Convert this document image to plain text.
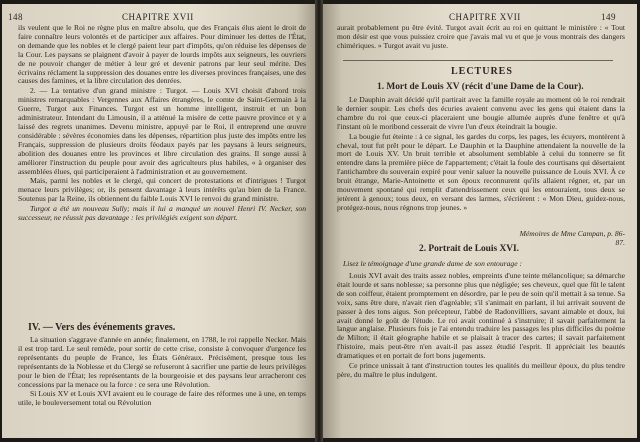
148	CHAPITRE XVII

ils veulent que le Roi ne règne plus en maître absolu, que des Français élus aient le droit de faire connaître leurs volontés et de participer aux affaires. Pour diminuer les dettes de l'État, on demande que les nobles et le clergé paient leur part d'impôts, qu'on réduise les dépenses de la Cour. Les paysans se plaignent d'avoir à payer de lourds impôts aux seigneurs, les ouvriers de ne pouvoir changer de métier à leur gré et devenir patrons par leur seul mérite. Des écrivains réclament la suppression des douanes entre les diverses provinces françaises, une des causes des famines, et la libre circulation des denrées.

2. — La tentative d'un grand ministre : Turgot. — Louis XVI choisit d'abord trois ministres remarquables : Vergennes aux Affaires étrangères, le comte de Saint-Germain à la Guerre, Turgot aux Finances. Turgot est un homme intelligent, instruit et un bon administrateur. Intendant du Limousin, il a atténué la misère de cette pauvre province et y a laissé des regrets unanimes. Devenu ministre, appuyé par le Roi, il entreprend une œuvre considérable : sévères économies dans les dépenses, répartition plus juste des impôts entre les Français, suppression de plusieurs droits féodaux payés par les paysans à leurs seigneurs, abolition des douanes entre les provinces et libre circulation des grains. Il songe aussi à améliorer l'instruction du peuple pour avoir des agriculteurs plus habiles, « à organiser des assemblées élues, qui participeraient à l'administration et au gouvernement.

Mais, parmi les nobles et le clergé, qui concert de protestations et d'intrigues ! Turgot menace leurs privilèges; or, ils pensent davantage à leurs intérêts qu'au bien de la France. Soutenus par la Reine, ils obtiennent du faible Louis XVI le renvoi du grand ministre.

Turgot a été un nouveau Sully; mais il lui a manqué un nouvel Henri IV. Necker, son successeur, ne réussit pas davantage : les privilégiés exigent son départ.

IV. — Vers des événements graves.

La situation s'aggrave d'année en année; finalement, en 1788, le roi rappelle Necker. Mais il est trop tard. Le seul remède, pour sortir de cette crise, consiste à convoquer d'urgence les représentants du peuple de France, les États Généraux. Précisément, presque tous les représentants de la Noblesse et du Clergé se refuseront à sacrifier une partie de leurs privilèges pour le bien de l'État; les représentants de la bourgeoisie et des paysans leur arracheront ces concessions par la menace ou la force : ce sera une Révolution.

Si Louis XV et Louis XVI avaient eu le courage de faire des réformes une à une, en temps utile, le bouleversement total ou Révolution

CHAPITRE XVII	149

aurait probablement pu être évité. Turgot avait écrit au roi en quittant le ministère : « Tout mon désir est que vous puissiez croire que j'avais mal vu et que je vous montrais des dangers chimériques. » Turgot avait vu juste.

LECTURES
1. Mort de Louis XV (récit d'une Dame de la Cour).

Le Dauphin avait décidé qu'il partirait avec la famille royale au moment où le roi rendrait le dernier soupir. Les chefs des écuries avaient convenu avec les gens qui étaient dans la chambre du roi que ceux-ci placeraient une bougie allumée auprès d'une fenêtre et qu'à l'instant où le moribond cesserait de vivre l'un d'eux éteindrait la bougie.

La bougie fut éteinte : à ce signal, les gardes du corps, les pages, les écuyers, montèrent à cheval, tout fut prêt pour le départ. Le Dauphin et la Dauphine attendaient la nouvelle de la mort de Louis XV. Un bruit terrible et absolument semblable à celui du tonnerre se fit entendre dans la première pièce de l'appartement; c'était la foule des courtisans qui désertaient l'antichambre du souverain expiré pour venir saluer la nouvelle puissance de Louis XVI. À ce bruit étrange, Marie-Antoinette et son époux reconnurent qu'ils allaient régner, et, par un mouvement spontané qui remplit d'attendrissement ceux qui les entouraient, tous deux se jetèrent à genoux; tous deux, en versant des larmes, s'écrièrent : « Mon Dieu, guidez-nous, protégez-nous, nous régnons trop jeunes. »

Mémoires de Mme Campan, p. 86-87.
2. Portrait de Louis XVI.
Lisez le témoignage d'une grande dame de son entourage :

Louis XVI avait des traits assez nobles, empreints d'une teinte mélancolique; sa démarche était lourde et sans noblesse; sa personne plus que négligée; ses cheveux, quel que fût le talent de son coiffeur, étaient promptement en désordre, par le peu de soin qu'il mettait à sa tenue. Sa voix, sans être dure, n'avait rien d'agréable; s'il s'animait en parlant, il lui arrivait souvent de passer à des tons aigus. Son précepteur, l'abbé de Radonvilliers, savant aimable et doux, lui avait donné le goût de l'étude. Le roi avait continué à s'instruire; il savait parfaitement la langue anglaise. Plusieurs fois je l'ai entendu traduire les passages les plus difficiles du poème de Milton; il était géographe habile et se plaisait à tracer des cartes; il savait parfaitement l'histoire, mais peut-être n'en avait-il pas assez étudié l'esprit. Il appréciait les beautés dramatiques et en portait de fort bons jugements.

Ce prince unissait à tant d'instruction toutes les qualités du meilleur époux, du plus tendre père, du maître le plus indulgent.
